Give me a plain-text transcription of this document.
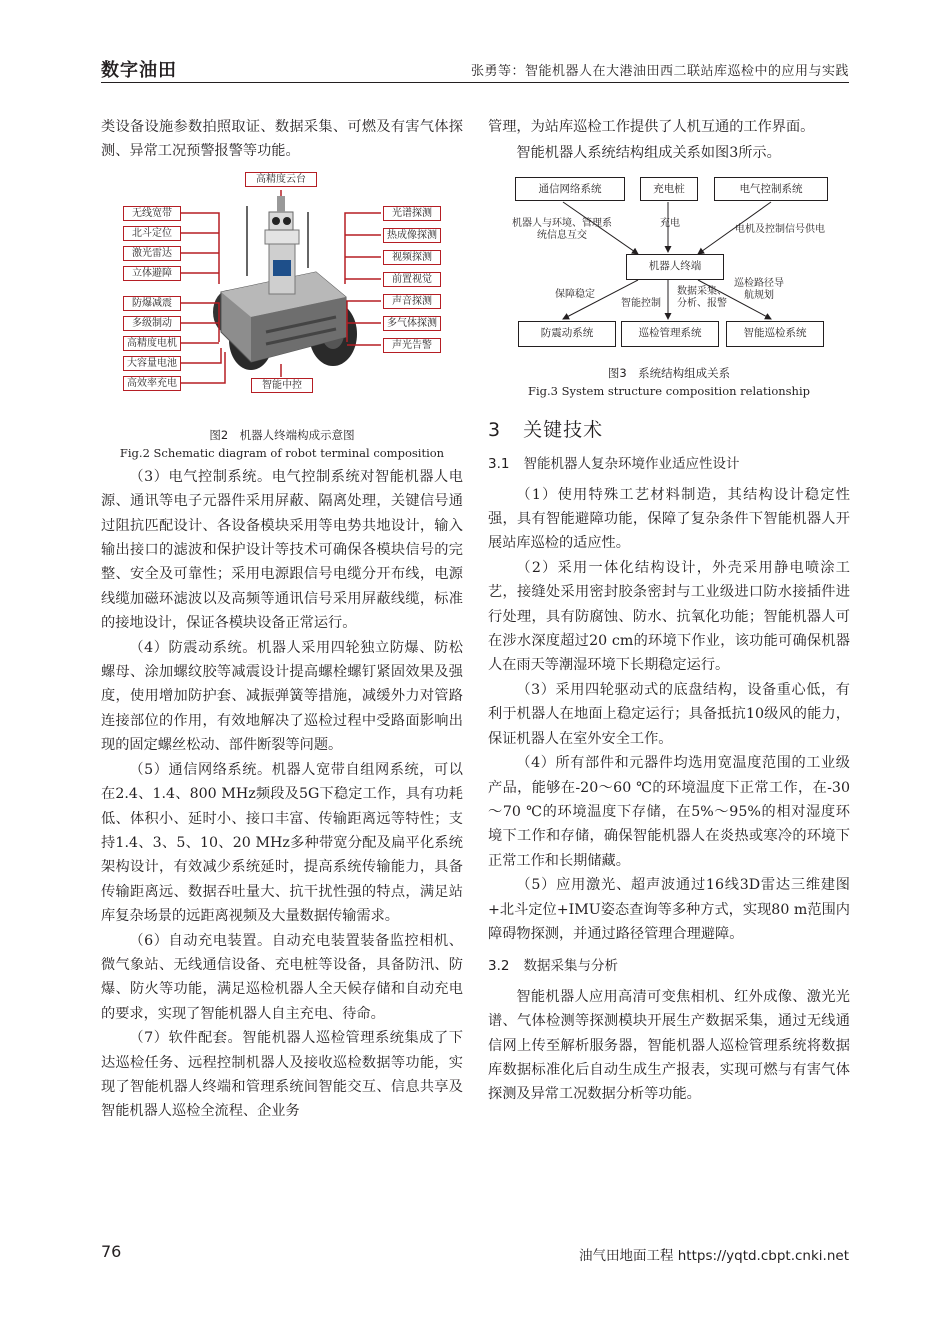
数字油田	张勇等：智能机器人在大港油田西二联站库巡检中的应用与实践

类设备设施参数拍照取证、数据采集、可燃及有害气体探测、异常工况预警报警等功能。

高精度云台
无线宽带
北斗定位
激光雷达
立体避障
防爆减震
多级制动
高精度电机
大容量电池
高效率充电
光谱探测
热成像探测
视频探测
前置视觉
声音探测
多气体探测
声光告警
智能中控
图2　机器人终端构成示意图
Fig.2 Schematic diagram of robot terminal composition

（3）电气控制系统。电气控制系统对智能机器人电源、通讯等电子元器件采用屏蔽、隔离处理，关键信号通过阻抗匹配设计、各设备模块采用等电势共地设计，输入输出接口的滤波和保护设计等技术可确保各模块信号的完整、安全及可靠性；采用电源跟信号电缆分开布线，电源线缆加磁环滤波以及高频等通讯信号采用屏蔽线缆，标准的接地设计，保证各模块设备正常运行。

（4）防震动系统。机器人采用四轮独立防爆、防松螺母、涂加螺纹胶等减震设计提高螺栓螺钉紧固效果及强度，使用增加防护套、减振弹簧等措施，减缓外力对管路连接部位的作用，有效地解决了巡检过程中受路面影响出现的固定螺丝松动、部件断裂等问题。

（5）通信网络系统。机器人宽带自组网系统，可以在2.4、1.4、800 MHz频段及5G下稳定工作，具有功耗低、体积小、延时小、接口丰富、传输距离远等特性；支持1.4、3、5、10、20 MHz多种带宽分配及扁平化系统架构设计，有效减少系统延时，提高系统传输能力，具备传输距离远、数据吞吐量大、抗干扰性强的特点，满足站库复杂场景的远距离视频及大量数据传输需求。

（6）自动充电装置。自动充电装置装备监控相机、微气象站、无线通信设备、充电桩等设备，具备防汛、防爆、防火等功能，满足巡检机器人全天候存储和自动充电的要求，实现了智能机器人自主充电、待命。

（7）软件配套。智能机器人巡检管理系统集成了下达巡检任务、远程控制机器人及接收巡检数据等功能，实现了智能机器人终端和管理系统间智能交互、信息共享及智能机器人巡检全流程、企业务

管理，为站库巡检工作提供了人机互通的工作界面。

智能机器人系统结构组成关系如图3所示。

通信网络系统	充电桩	电气控制系统
机器人终端
防震动系统	巡检管理系统	智能巡检系统
机器人与环境、管理系统信息互交
充电
电机及控制信号供电
保障稳定
智能控制
数据采集、分析、报警
巡检路径导航规划
图3　系统结构组成关系
Fig.3 System structure composition relationship
3 关键技术
3.1 智能机器人复杂环境作业适应性设计

（1）使用特殊工艺材料制造，其结构设计稳定性强，具有智能避障功能，保障了复杂条件下智能机器人开展站库巡检的适应性。

（2）采用一体化结构设计，外壳采用静电喷涂工艺，接缝处采用密封胶条密封与工业级进口防水接插件进行处理，具有防腐蚀、防水、抗氧化功能；智能机器人可在涉水深度超过20 cm的环境下作业，该功能可确保机器人在雨天等潮湿环境下长期稳定运行。

（3）采用四轮驱动式的底盘结构，设备重心低，有利于机器人在地面上稳定运行；具备抵抗10级风的能力，保证机器人在室外安全工作。

（4）所有部件和元器件均选用宽温度范围的工业级产品，能够在-20～60 ℃的环境温度下正常工作，在-30～70 ℃的环境温度下存储，在5%～95%的相对湿度环境下工作和存储，确保智能机器人在炎热或寒冷的环境下正常工作和长期储藏。

（5）应用激光、超声波通过16线3D雷达三维建图+北斗定位+IMU姿态查询等多种方式，实现80 m范围内障碍物探测，并通过路径管理合理避障。

3.2 数据采集与分析

智能机器人应用高清可变焦相机、红外成像、激光光谱、气体检测等探测模块开展生产数据采集，通过无线通信网上传至解析服务器，智能机器人巡检管理系统将数据库数据标准化后自动生成生产报表，实现可燃与有害气体探测及异常工况数据分析等功能。

76	油气田地面工程 https://yqtd.cbpt.cnki.net
